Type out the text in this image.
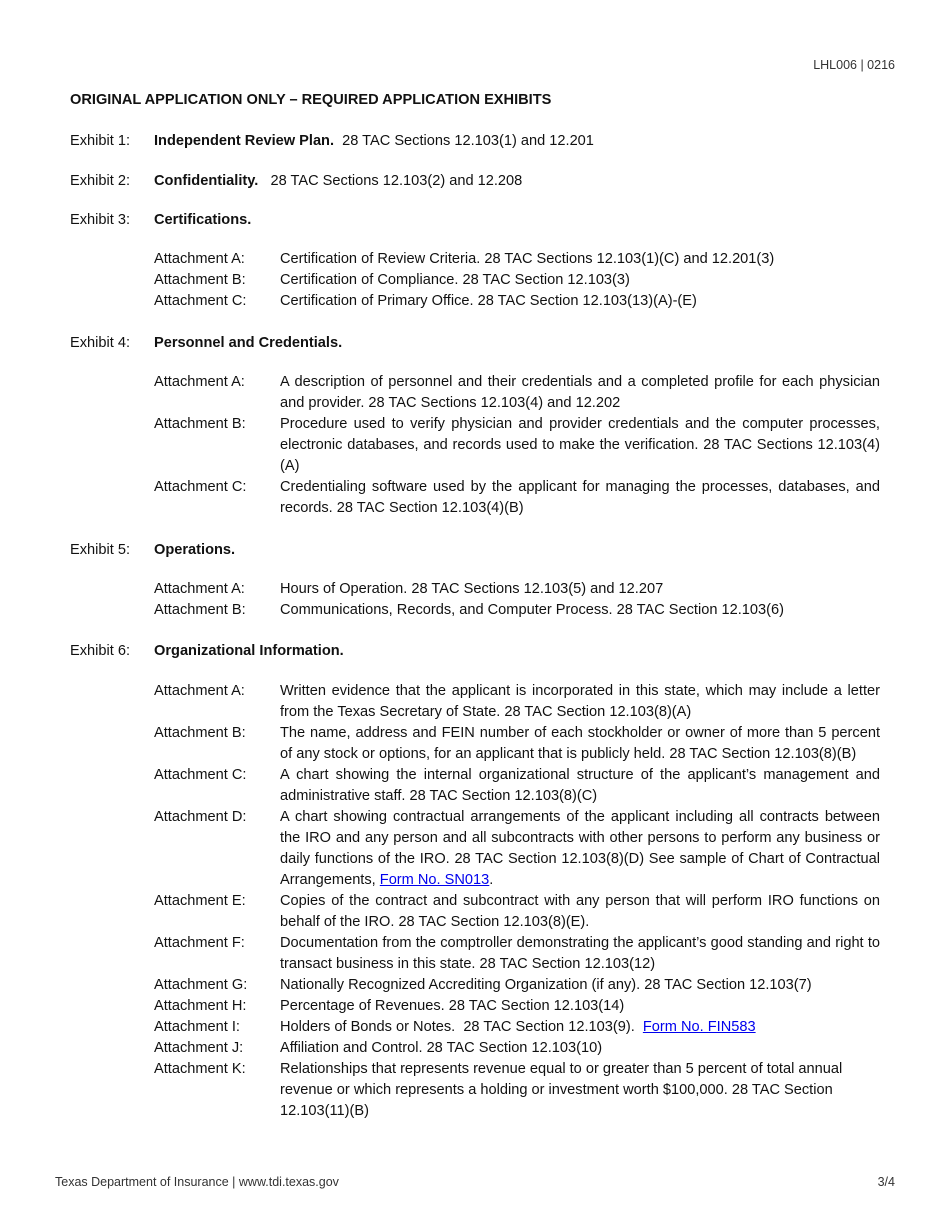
LHL006 | 0216
ORIGINAL APPLICATION ONLY – REQUIRED APPLICATION EXHIBITS
Exhibit 1: Independent Review Plan. 28 TAC Sections 12.103(1) and 12.201
Exhibit 2: Confidentiality. 28 TAC Sections 12.103(2) and 12.208
Exhibit 3: Certifications.
Attachment A:	Certification of Review Criteria. 28 TAC Sections 12.103(1)(C) and 12.201(3)
Attachment B:	Certification of Compliance. 28 TAC Section 12.103(3)
Attachment C:	Certification of Primary Office. 28 TAC Section 12.103(13)(A)-(E)
Exhibit 4: Personnel and Credentials.
Attachment A:	A description of personnel and their credentials and a completed profile for each physician and provider. 28 TAC Sections 12.103(4) and 12.202
Attachment B:	Procedure used to verify physician and provider credentials and the computer processes, electronic databases, and records used to make the verification. 28 TAC Sections 12.103(4)(A)
Attachment C:	Credentialing software used by the applicant for managing the processes, databases, and records. 28 TAC Section 12.103(4)(B)
Exhibit 5: Operations.
Attachment A:	Hours of Operation. 28 TAC Sections 12.103(5) and 12.207
Attachment B:	Communications, Records, and Computer Process. 28 TAC Section 12.103(6)
Exhibit 6: Organizational Information.
Attachment A:	Written evidence that the applicant is incorporated in this state, which may include a letter from the Texas Secretary of State. 28 TAC Section 12.103(8)(A)
Attachment B:	The name, address and FEIN number of each stockholder or owner of more than 5 percent of any stock or options, for an applicant that is publicly held. 28 TAC Section 12.103(8)(B)
Attachment C:	A chart showing the internal organizational structure of the applicant’s management and administrative staff. 28 TAC Section 12.103(8)(C)
Attachment D:	A chart showing contractual arrangements of the applicant including all contracts between the IRO and any person and all subcontracts with other persons to perform any business or daily functions of the IRO. 28 TAC Section 12.103(8)(D) See sample of Chart of Contractual Arrangements, Form No. SN013.
Attachment E:	Copies of the contract and subcontract with any person that will perform IRO functions on behalf of the IRO. 28 TAC Section 12.103(8)(E).
Attachment F:	Documentation from the comptroller demonstrating the applicant’s good standing and right to transact business in this state. 28 TAC Section 12.103(12)
Attachment G:	Nationally Recognized Accrediting Organization (if any). 28 TAC Section 12.103(7)
Attachment H:	Percentage of Revenues. 28 TAC Section 12.103(14)
Attachment I:	Holders of Bonds or Notes.  28 TAC Section 12.103(9).  Form No. FIN583
Attachment J:	Affiliation and Control. 28 TAC Section 12.103(10)
Attachment K:	Relationships that represents revenue equal to or greater than 5 percent of total annual revenue or which represents a holding or investment worth $100,000. 28 TAC Section 12.103(11)(B)
Texas Department of Insurance | www.tdi.texas.gov	3/4
